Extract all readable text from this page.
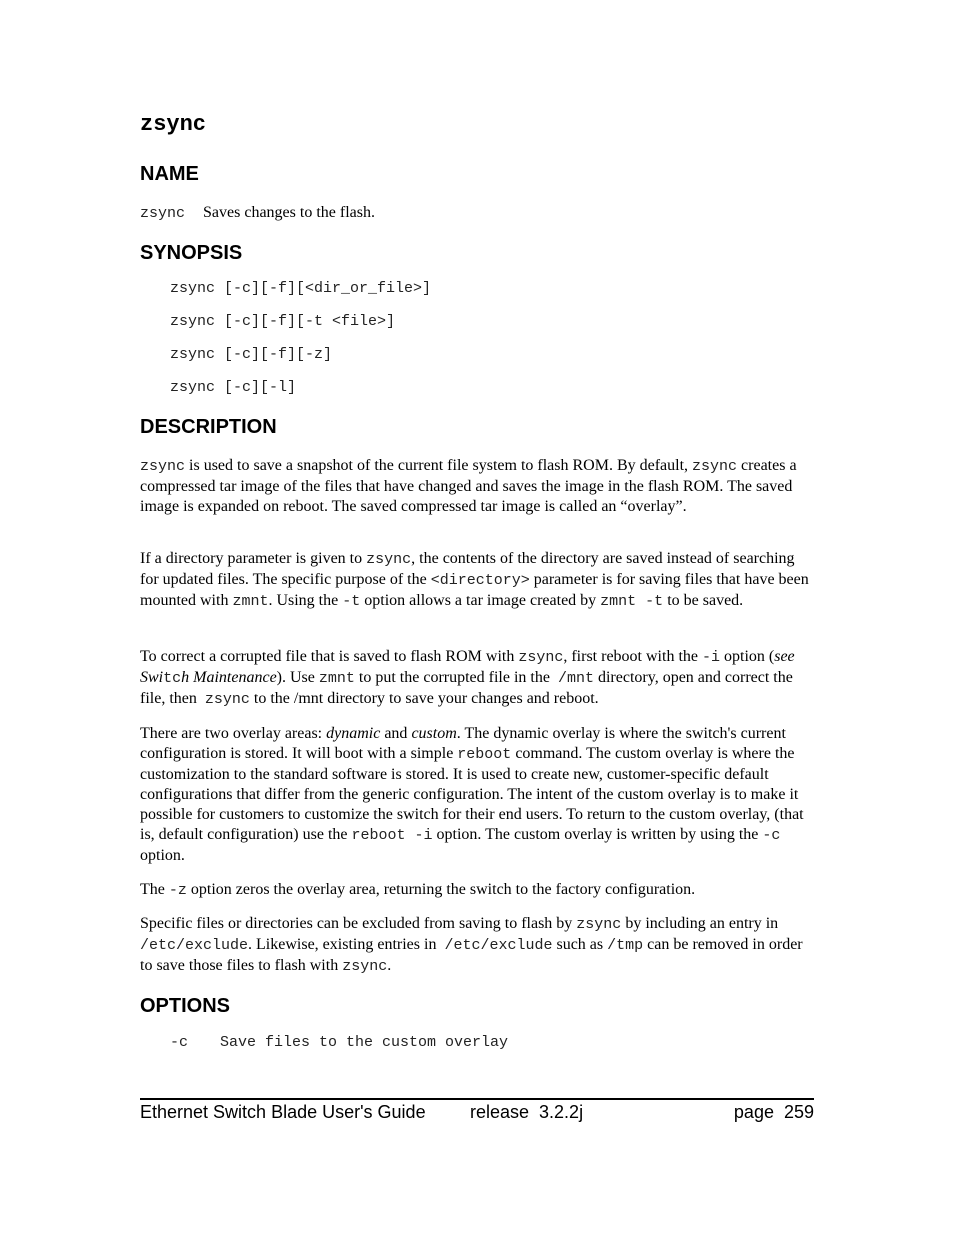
zsync
NAME
zsync Saves changes to the flash.
SYNOPSIS
zsync [-c][-f][<dir_or_file>]
zsync [-c][-f][-t <file>]
zsync [-c][-f][-z]
zsync [-c][-l]
DESCRIPTION

zsync is used to save a snapshot of the current file system to flash ROM. By default, zsync creates a compressed tar image of the files that have changed and saves the image in the flash ROM. The saved image is expanded on reboot. The saved compressed tar image is called an “overlay”.

If a directory parameter is given to zsync, the contents of the directory are saved instead of searching for updated files. The specific purpose of the <directory> parameter is for saving files that have been mounted with zmnt. Using the -t option allows a tar image created by zmnt -t to be saved.

To correct a corrupted file that is saved to flash ROM with zsync, first reboot with the -i option (see Switch Maintenance). Use zmnt to put the corrupted file in the  /mnt directory, open and correct the file, then  zsync to the /mnt directory to save your changes and reboot.

There are two overlay areas: dynamic and custom. The dynamic overlay is where the switch's current configuration is stored. It will boot with a simple reboot command. The custom overlay is where the customization to the standard software is stored. It is used to create new, customer-specific default configurations that differ from the generic configuration. The intent of the custom overlay is to make it possible for customers to customize the switch for their end users. To return to the custom overlay, (that is, default configuration) use the reboot -i option. The custom overlay is written by using the -c option.

The -z option zeros the overlay area, returning the switch to the factory configuration.

Specific files or directories can be excluded from saving to flash by zsync by including an entry in /etc/exclude. Likewise, existing entries in  /etc/exclude such as /tmp can be removed in order to save those files to flash with zsync.

OPTIONS
-c Save files to the custom overlay
Ethernet Switch Blade User's Guide release  3.2.2j	page  259
